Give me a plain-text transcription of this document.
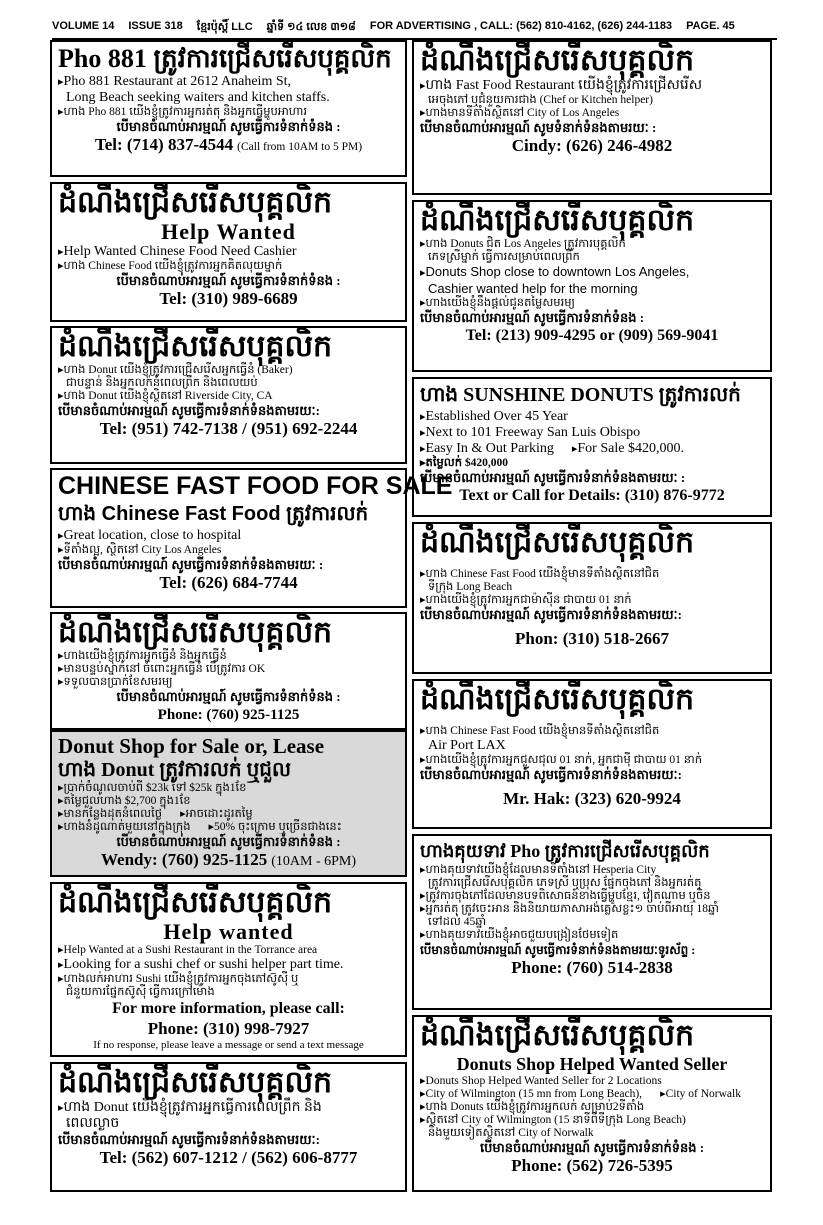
VOLUME 14 ISSUE 318 ខ្មែរប៉ុស្តិ៍ LLC ឆ្នាំទី ១៤ លេខ ៣១៨ FOR ADVERTISING , CALL: (562) 810-4162, (626) 244-1183 PAGE. 45
Pho 881 ត្រូវការជ្រើសរើសបុគ្គលិក
▸ Pho 881 Restaurant at 2612 Anaheim St,
Long Beach seeking waiters and kitchen staffs.
▸ ហាង Pho 881 យើងខ្ញុំត្រូវការអ្នករត់តុ និងអ្នកធ្វើម្ហូបអាហារ
បើមានចំណាប់អារម្មណ៍ សូមធ្វើការទំនាក់ទំនង :
Tel: (714) 837-4544 (Call from 10AM to 5 PM)
ដំណឹងជ្រើសរើសបុគ្គលិក
Help Wanted
▸ Help Wanted Chinese Food Need Cashier
▸ ហាង Chinese Food យើងខ្ញុំត្រូវការអ្នកគិតលុយម្នាក់
បើមានចំណាប់អារម្មណ៍ សូមធ្វើការទំនាក់ទំនង :
Tel: (310) 989-6689
ដំណឹងជ្រើសរើសបុគ្គលិក
▸ ហាង Donut យើងខ្ញុំត្រូវការជ្រើសរើសអ្នកធ្វើនំ (Baker)
ជាបន្ទាន់ និងអ្នកលក់នំពេលព្រឹក និងពេលយប់
▸ ហាង Donut យើងខ្ញុំស្ថិតនៅ Riverside City, CA
បើមានចំណាប់អារម្មណ៍ សូមធ្វើការទំនាក់ទំនងតាមរយៈ:
Tel: (951) 742-7138 / (951) 692-2244
CHINESE FAST FOOD FOR SALE
ហាង Chinese Fast Food ត្រូវការលក់
▸ Great location, close to hospital
▸ ទីតាំងល្អ, ស្ថិតនៅ City Los Angeles
បើមានចំណាប់អារម្មណ៍ សូមធ្វើការទំនាក់ទំនងតាមរយៈ :
Tel: (626) 684-7744
ដំណឹងជ្រើសរើសបុគ្គលិក
▸ ហាងយើងខ្ញុំត្រូវការអ្នកធ្វើនំ និងអ្នកធ្វើនំ
▸ មានបន្ទប់ស្នាក់នៅ ចំពោះអ្នកធ្វើនំ បើត្រូវការ OK
▸ ទទួលបានប្រាក់ខែសមរម្យ
បើមានចំណាប់អារម្មណ៍ សូមធ្វើការទំនាក់ទំនង :
Phone: (760) 925-1125
Donut Shop for Sale or, Lease
ហាង Donut ត្រូវការលក់ ឬជួល
▸ ប្រាក់ចំណូលចាប់ពី $23k ទៅ $25k ក្នុង1ខែ
▸ តម្លៃជួលហាង $2,700 ក្នុង1ខែ
▸ មានកន្លែងដុតនំពេលថ្ងៃ	▸ អាចដោះដូរតម្លៃ
▸ ហាងនំដូណាត់មួយនៅក្នុងក្រុង	▸ 50% ចុះក្រោម ឬច្រើនជាងនេះ
បើមានចំណាប់អារម្មណ៍ សូមធ្វើការទំនាក់ទំនង :
Wendy: (760) 925-1125 (10AM - 6PM)
ដំណឹងជ្រើសរើសបុគ្គលិក
Help wanted
▸ Help Wanted at a Sushi Restaurant in the Torrance area
▸ Looking for a sushi chef or sushi helper part time.
▸ ហាងលក់អាហារ Sushi យើងខ្ញុំត្រូវការអ្នកចុងភៅស៊ូស៊ី ឬ
ជំនួយការផ្នែកស៊ូស៊ី ធ្វើការក្រៅម៉ោង
For more information, please call:
Phone: (310) 998-7927
If no response, please leave a message or send a text message
ដំណឹងជ្រើសរើសបុគ្គលិក
▸ ហាង Donut យើងខ្ញុំត្រូវការអ្នកធ្វើការពេលព្រឹក និង
ពេលល្ងាច
បើមានចំណាប់អារម្មណ៍ សូមធ្វើការទំនាក់ទំនងតាមរយៈ:
Tel: (562) 607-1212 / (562) 606-8777
ដំណឹងជ្រើសរើសបុគ្គលិក
▸ ហាង Fast Food Restaurant យើងខ្ញុំត្រូវការជ្រើសរើស
អេចុងភៅ ឬជំនួយការជាង (Chef or Kitchen helper)
▸ ហាងមានទីតាំងស្ថិតនៅ City of Los Angeles
បើមានចំណាប់អារម្មណ៍ សូមទំនាក់ទំនងតាមរយៈ :
Cindy: (626) 246-4982
ដំណឹងជ្រើសរើសបុគ្គលិក
▸ ហាង Donuts ជិត Los Angeles ត្រូវការបុគ្គលិក
ភេទស្រីម្នាក់ ធ្វើការសម្រាប់ពេលព្រឹក
▸ Donuts Shop close to downtown Los Angeles,
Cashier wanted help for the morning
▸ ហាងយើងខ្ញុំនឹងផ្តល់ជូនតម្លៃសមរម្យ
បើមានចំណាប់អារម្មណ៍ សូមធ្វើការទំនាក់ទំនង :
Tel: (213) 909-4295 or (909) 569-9041
ហាង SUNSHINE DONUTS ត្រូវការលក់
▸ Established Over 45 Year
▸ Next to 101 Freeway San Luis Obispo
▸ Easy In & Out Parking	▸ For Sale $420,000.
▸ តម្លៃលក់ $420,000
បើមានចំណាប់អារម្មណ៍ សូមធ្វើការទំនាក់ទំនងតាមរយៈ :
Text or Call for Details: (310) 876-9772
ដំណឹងជ្រើសរើសបុគ្គលិក
▸ ហាង Chinese Fast Food យើងខ្ញុំមានទីតាំងស្ថិតនៅជិត
ទីក្រុង Long Beach
▸ ហាងយើងខ្ញុំត្រូវការអ្នកជាម៉ាស៊ីន ជាបាយ 01 នាក់
បើមានចំណាប់អារម្មណ៍ សូមធ្វើការទំនាក់ទំនងតាមរយៈ:
Phon: (310) 518-2667
ដំណឹងជ្រើសរើសបុគ្គលិក
▸ ហាង Chinese Fast Food យើងខ្ញុំមានទីតាំងស្ថិតនៅជិត
Air Port LAX
▸ ហាងយើងខ្ញុំត្រូវការអ្នកជួសជុល 01 នាក់, អ្នកជាម៉ី ជាបាយ 01 នាក់
បើមានចំណាប់អារម្មណ៍ សូមធ្វើការទំនាក់ទំនងតាមរយៈ:
Mr. Hak: (323) 620-9924
ហាងគុយទាវ Pho ត្រូវការជ្រើសរើសបុគ្គលិក
▸ ហាងគុយទាវយើងខ្ញុំដែលមានទីតាំងនៅ Hesperia City
ត្រូវការជ្រើសរើសបុគ្គលិក ភេទស្រី ឬប្រុស ផ្នែកចុងភៅ និងអ្នករត់តុ
▸ ត្រូវការចុងភៅដែលមានបទពិសោធន៍ខាងធ្វើម្ហូបខ្មែរ, វៀតណាម ឬចិន
▸ អ្នករត់តុ ត្រូវចេះអាន និងនិយាយភាសាអង់គ្លេសខ្លះ១ ចាប់ពីអាយុ 18ឆ្នាំ
ទៅដល់ 45ឆ្នាំ
▸ ហាងគុយទាវយើងខ្ញុំអាចជួយបង្រៀនថែមទៀត
បើមានចំណាប់អារម្មណ៍ សូមធ្វើការទំនាក់ទំនងតាមរយៈទូរស័ព្ទ :
Phone: (760) 514-2838
ដំណឹងជ្រើសរើសបុគ្គលិក
Donuts Shop Helped Wanted Seller
▸ Donuts Shop Helped Wanted Seller for 2 Locations
▸ City of Wilmington (15 mn from Long Beach),	▸ City of Norwalk
▸ ហាង Donuts យើងខ្ញុំត្រូវការអ្នកលក់ សម្រាប់2ទីតាំង
▸ ស្ថិតនៅ City of Wilmington (15 នាទីពីទីក្រុង Long Beach)
និងមួយទៀតស្ថិតនៅ City of Norwalk
បើមានចំណាប់អារម្មណ៍ សូមធ្វើការទំនាក់ទំនង :
Phone: (562) 726-5395
